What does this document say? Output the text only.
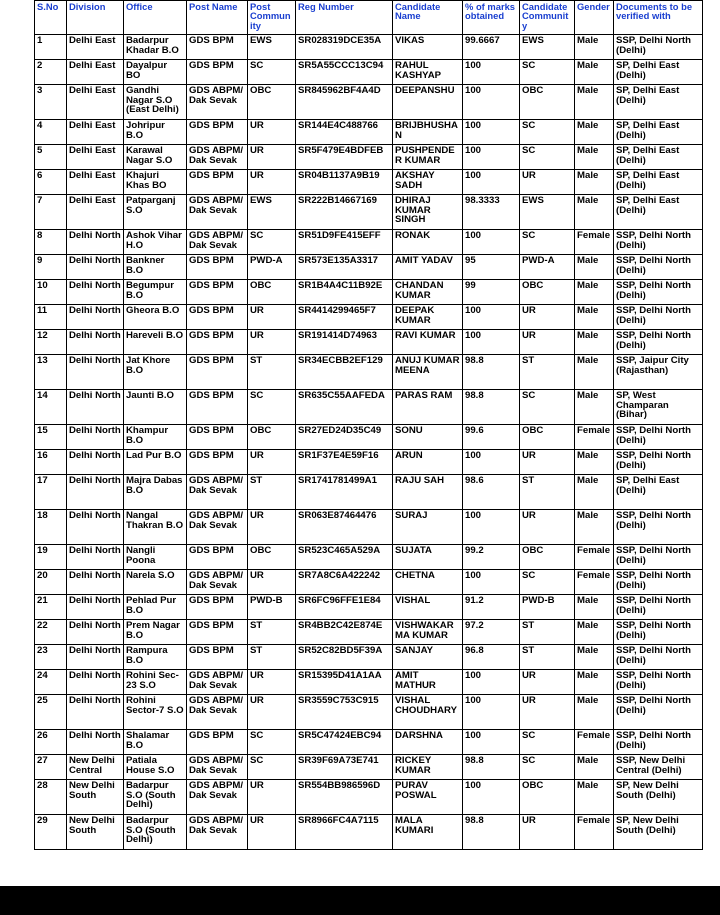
S.No	Division	Office	Post Name	Post Community	Reg Number	Candidate Name	% of marks obtained	Candidate Community	Gender	Documents to be verified with
1	Delhi East	Badarpur Khadar B.O	GDS BPM	EWS	SR028319DCE35A	VIKAS	99.6667	EWS	Male	SSP, Delhi North (Delhi)
2	Delhi East	Dayalpur BO	GDS BPM	SC	SR5A55CCC13C94	RAHUL KASHYAP	100	SC	Male	SP, Delhi East (Delhi)
3	Delhi East	Gandhi Nagar S.O (East Delhi)	GDS ABPM/ Dak Sevak	OBC	SR845962BF4A4D	DEEPANSHU	100	OBC	Male	SP, Delhi East (Delhi)
4	Delhi East	Johripur B.O	GDS BPM	UR	SR144E4C488766	BRIJBHUSHAN	100	SC	Male	SP, Delhi East (Delhi)
5	Delhi East	Karawal Nagar S.O	GDS ABPM/ Dak Sevak	UR	SR5F479E4BDFEB	PUSHPENDER KUMAR	100	SC	Male	SP, Delhi East (Delhi)
6	Delhi East	Khajuri Khas BO	GDS BPM	UR	SR04B1137A9B19	AKSHAY SADH	100	UR	Male	SP, Delhi East (Delhi)
7	Delhi East	Patparganj S.O	GDS ABPM/ Dak Sevak	EWS	SR222B14667169	DHIRAJ KUMAR SINGH	98.3333	EWS	Male	SP, Delhi East (Delhi)
8	Delhi North	Ashok Vihar H.O	GDS ABPM/ Dak Sevak	SC	SR51D9FE415EFF	RONAK	100	SC	Female	SSP, Delhi North (Delhi)
9	Delhi North	Bankner B.O	GDS BPM	PWD-A	SR573E135A3317	AMIT YADAV	95	PWD-A	Male	SSP, Delhi North (Delhi)
10	Delhi North	Begumpur B.O	GDS BPM	OBC	SR1B4A4C11B92E	CHANDAN KUMAR	99	OBC	Male	SSP, Delhi North (Delhi)
11	Delhi North	Gheora B.O	GDS BPM	UR	SR4414299465F7	DEEPAK KUMAR	100	UR	Male	SSP, Delhi North (Delhi)
12	Delhi North	Hareveli B.O	GDS BPM	UR	SR191414D74963	RAVI KUMAR	100	UR	Male	SSP, Delhi North (Delhi)
13	Delhi North	Jat Khore B.O	GDS BPM	ST	SR34ECBB2EF129	ANUJ KUMAR MEENA	98.8	ST	Male	SSP, Jaipur City (Rajasthan)
14	Delhi North	Jaunti B.O	GDS BPM	SC	SR635C55AAFEDA	PARAS RAM	98.8	SC	Male	SP, West Champaran (Bihar)
15	Delhi North	Khampur B.O	GDS BPM	OBC	SR27ED24D35C49	SONU	99.6	OBC	Female	SSP, Delhi North (Delhi)
16	Delhi North	Lad Pur B.O	GDS BPM	UR	SR1F37E4E59F16	ARUN	100	UR	Male	SSP, Delhi North (Delhi)
17	Delhi North	Majra Dabas B.O	GDS ABPM/ Dak Sevak	ST	SR1741781499A1	RAJU SAH	98.6	ST	Male	SP, Delhi East (Delhi)
18	Delhi North	Nangal Thakran B.O	GDS ABPM/ Dak Sevak	UR	SR063E87464476	SURAJ	100	UR	Male	SSP, Delhi North (Delhi)
19	Delhi North	Nangli Poona	GDS BPM	OBC	SR523C465A529A	SUJATA	99.2	OBC	Female	SSP, Delhi North (Delhi)
20	Delhi North	Narela S.O	GDS ABPM/ Dak Sevak	UR	SR7A8C6A422242	CHETNA	100	SC	Female	SSP, Delhi North (Delhi)
21	Delhi North	Pehlad Pur B.O	GDS BPM	PWD-B	SR6FC96FFE1E84	VISHAL	91.2	PWD-B	Male	SSP, Delhi North (Delhi)
22	Delhi North	Prem Nagar B.O	GDS BPM	ST	SR4BB2C42E874E	VISHWAKARMA KUMAR	97.2	ST	Male	SSP, Delhi North (Delhi)
23	Delhi North	Rampura B.O	GDS BPM	ST	SR52C82BD5F39A	SANJAY	96.8	ST	Male	SSP, Delhi North (Delhi)
24	Delhi North	Rohini Sec-23 S.O	GDS ABPM/ Dak Sevak	UR	SR15395D41A1AA	AMIT MATHUR	100	UR	Male	SSP, Delhi North (Delhi)
25	Delhi North	Rohini Sector-7 S.O	GDS ABPM/ Dak Sevak	UR	SR3559C753C915	VISHAL CHOUDHARY	100	UR	Male	SSP, Delhi North (Delhi)
26	Delhi North	Shalamar B.O	GDS BPM	SC	SR5C47424EBC94	DARSHNA	100	SC	Female	SSP, Delhi North (Delhi)
27	New Delhi Central	Patiala House S.O	GDS ABPM/ Dak Sevak	SC	SR39F69A73E741	RICKEY KUMAR	98.8	SC	Male	SSP, New Delhi Central (Delhi)
28	New Delhi South	Badarpur S.O (South Delhi)	GDS ABPM/ Dak Sevak	UR	SR554BB986596D	PURAV POSWAL	100	OBC	Male	SP, New Delhi South (Delhi)
29	New Delhi South	Badarpur S.O (South Delhi)	GDS ABPM/ Dak Sevak	UR	SR8966FC4A7115	MALA KUMARI	98.8	UR	Female	SP, New Delhi South (Delhi)
